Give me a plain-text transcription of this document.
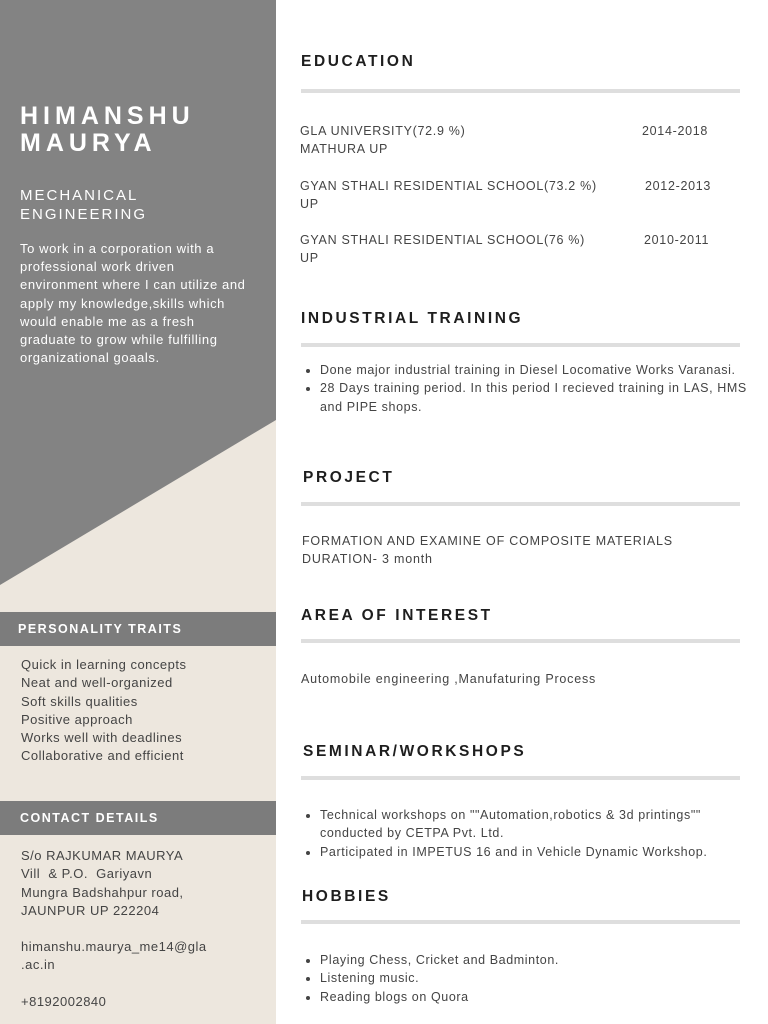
HIMANSHU
MAURYA
MECHANICAL
ENGINEERING
To work in a corporation with a professional work driven environment where I can utilize and apply my knowledge,skills which would enable me as a fresh graduate to grow while fulfilling organizational goaals.
PERSONALITY TRAITS
Quick in learning concepts
Neat and well-organized
Soft skills qualities
Positive approach
Works well with deadlines
Collaborative and efficient
CONTACT DETAILS
S/o RAJKUMAR MAURYA
Vill  & P.O.  Gariyavn
Mungra Badshahpur road,
JAUNPUR UP 222204
himanshu.maurya_me14@gla
.ac.in
+8192002840
EDUCATION
GLA UNIVERSITY(72.9 %)
MATHURA UP
2014-2018
GYAN STHALI RESIDENTIAL SCHOOL(73.2 %)
UP
2012-2013
GYAN STHALI RESIDENTIAL SCHOOL(76 %)
UP
2010-2011
INDUSTRIAL TRAINING
• Done major industrial training in Diesel Locomative Works Varanasi.
• 28 Days training period. In this period I recieved training in LAS, HMS and PIPE shops.
PROJECT
FORMATION AND EXAMINE OF COMPOSITE MATERIALS
DURATION- 3 month
AREA OF INTEREST
Automobile engineering ,Manufaturing Process
SEMINAR/WORKSHOPS
• Technical workshops on ""Automation,robotics & 3d printings"" conducted by CETPA Pvt. Ltd.
• Participated in IMPETUS 16 and in Vehicle Dynamic Workshop.
HOBBIES
• Playing Chess, Cricket and Badminton.
• Listening music.
• Reading blogs on Quora
